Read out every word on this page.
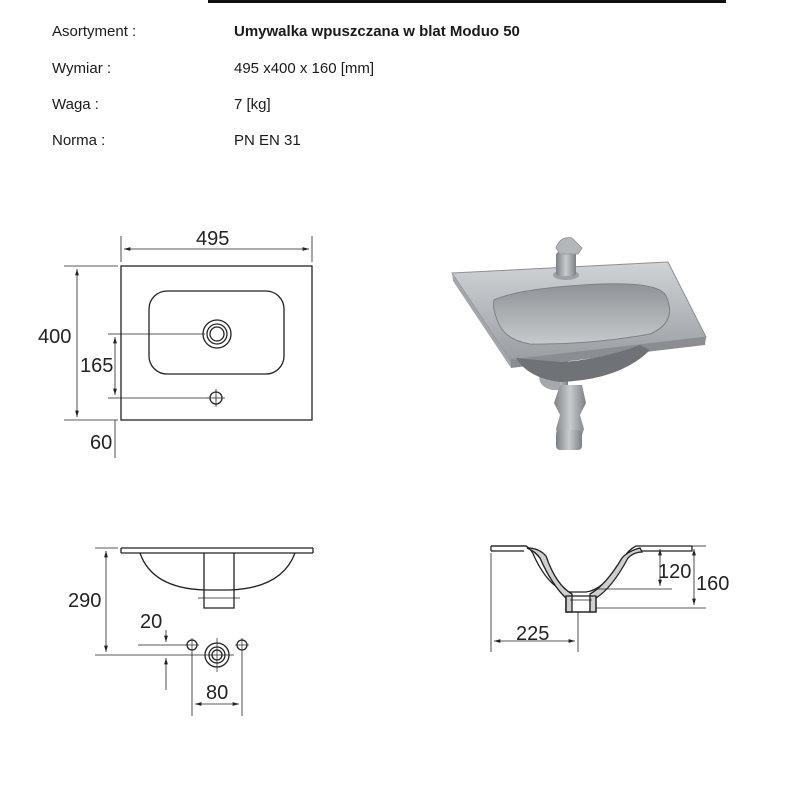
Asortyment :	Umywalka wpuszczana w blat Moduo 50
Wymiar :	495 x400 x 160 [mm]
Waga :	7 [kg]
Norma :	PN EN 31
495
400
165
60
290
20
80
120
160
225
